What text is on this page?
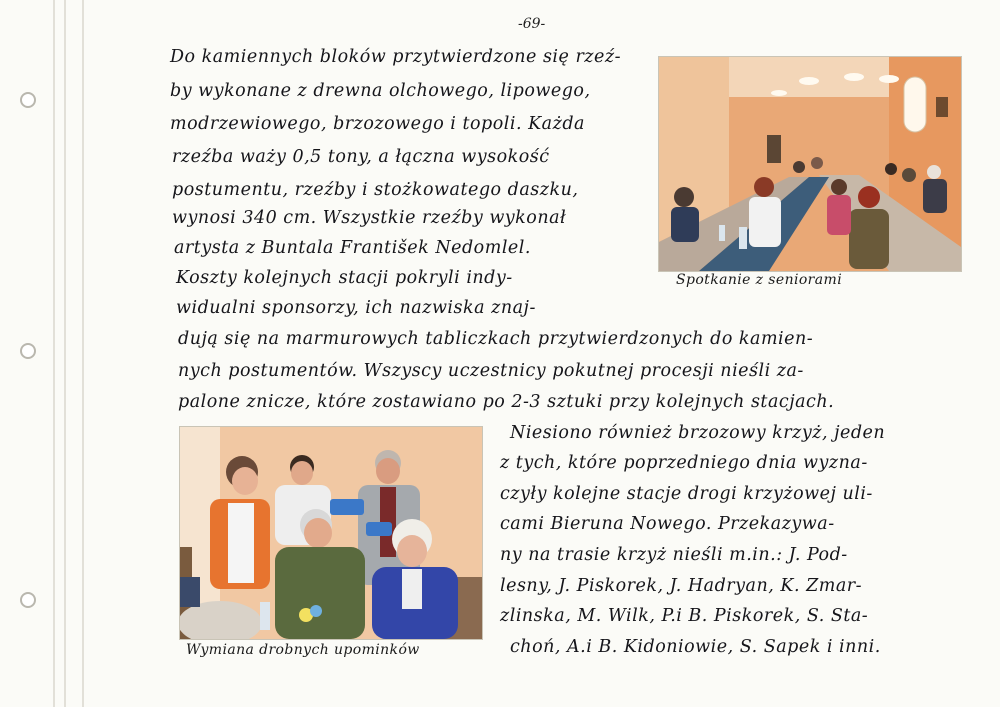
-69-
Do kamiennych bloków przytwierdzone się rzeź-
by wykonane z drewna olchowego, lipowego,
modrzewiowego, brzozowego i topoli. Każda
rzeźba waży 0,5 tony, a łączna wysokość
postumentu, rzeźby i stożkowatego daszku,
wynosi 340 cm. Wszystkie rzeźby wykonał
artysta z Buntala František Nedomlel.
Koszty kolejnych stacji pokryli indy-
widualni sponsorzy, ich nazwiska znaj-
dują się na marmurowych tabliczkach przytwierdzonych do kamien-
nych postumentów. Wszyscy uczestnicy pokutnej procesji nieśli za-
palone znicze, które zostawiano po 2-3 sztuki przy kolejnych stacjach.
Niesiono również brzozowy krzyż, jeden
z tych, które poprzedniego dnia wyzna-
czyły kolejne stacje drogi krzyżowej uli-
cami Bieruna Nowego. Przekazywa-
ny na trasie krzyż nieśli m.in.: J. Pod-
lesny, J. Piskorek, J. Hadryan, K. Zmar-
zlinska, M. Wilk, P.i B. Piskorek, S. Sta-
choń, A.i B. Kidoniowie, S. Sapek i inni.
Spotkanie z seniorami
Wymiana drobnych upominków
